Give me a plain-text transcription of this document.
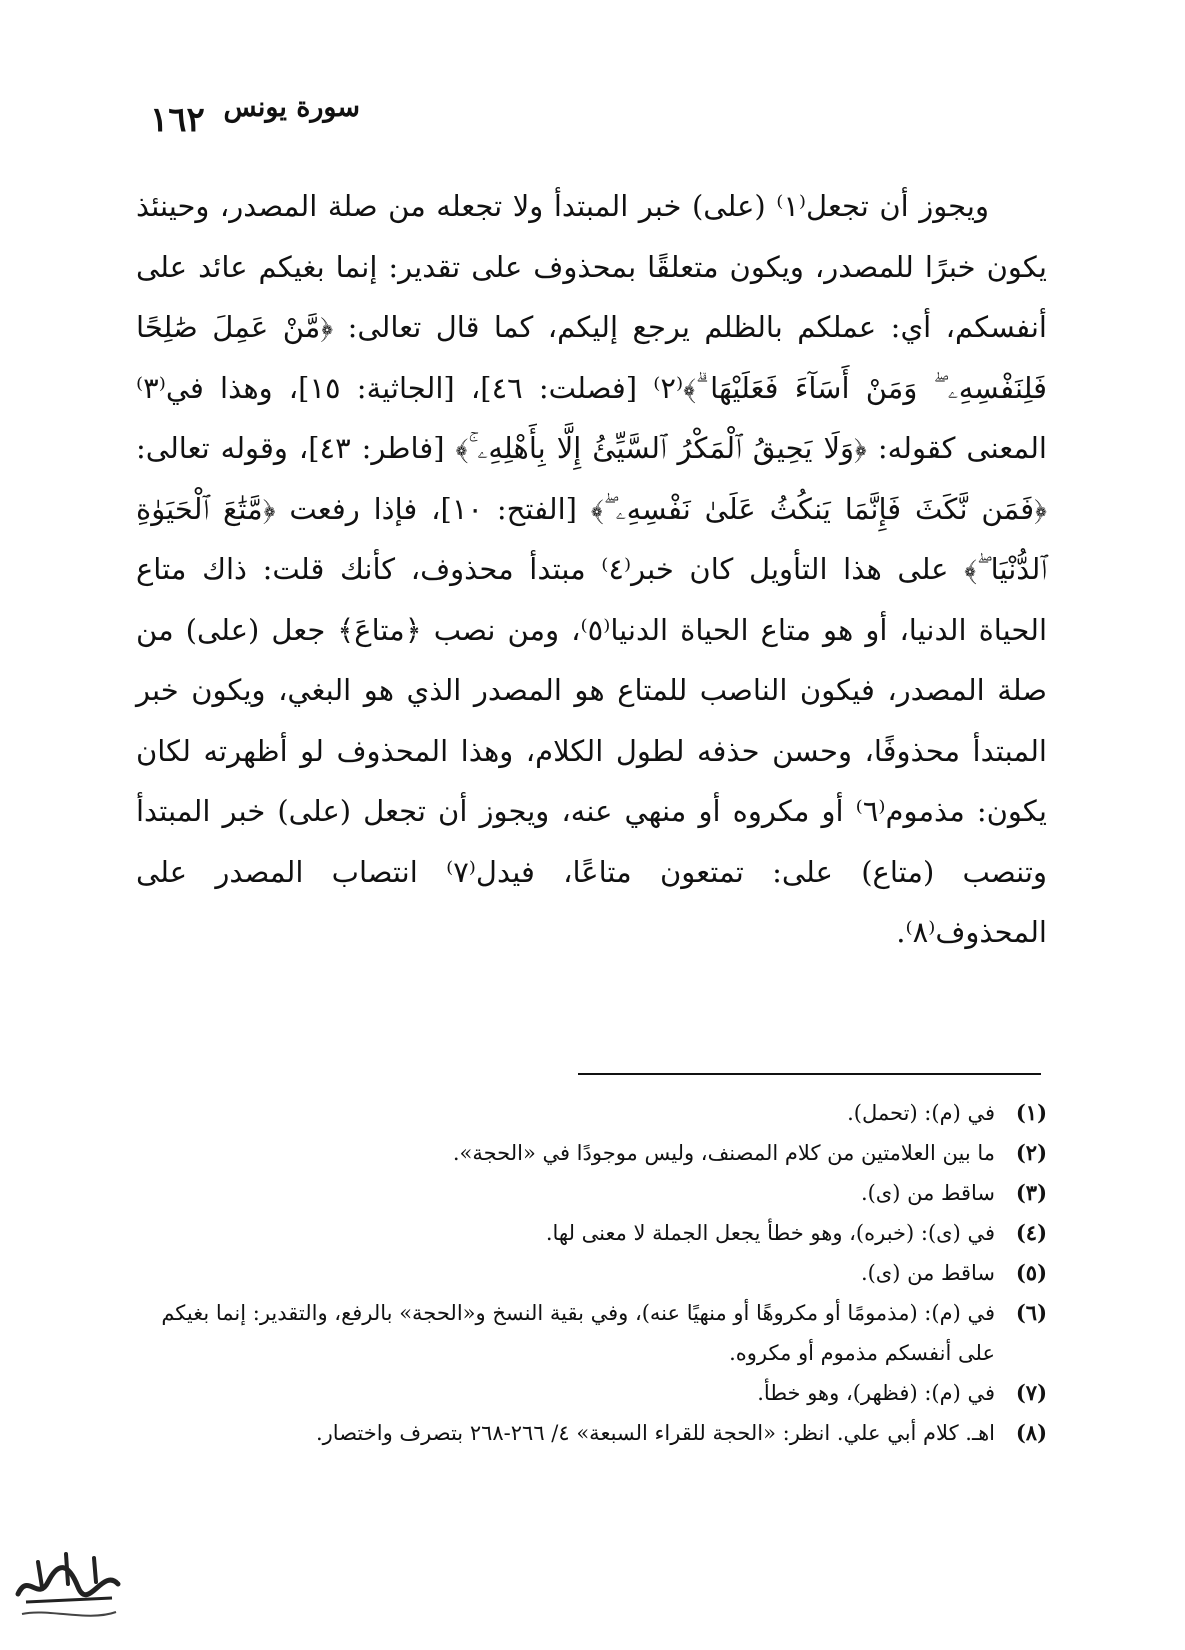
١٦٢ سورة يونس

ويجوز أن تجعل⁽١⁾ (على) خبر المبتدأ ولا تجعله من صلة المصدر، وحينئذ يكون خبرًا للمصدر، ويكون متعلقًا بمحذوف على تقدير: إنما بغيكم عائد على أنفسكم، أي: عملكم بالظلم يرجع إليكم، كما قال تعالى: ﴿مَّنْ عَمِلَ صَٰلِحًا فَلِنَفْسِهِۦ ۖ وَمَنْ أَسَآءَ فَعَلَيْهَا ۗ﴾⁽٢⁾ [فصلت: ٤٦]، [الجاثية: ١٥]، وهذا في⁽٣⁾ المعنى كقوله: ﴿وَلَا يَحِيقُ ٱلْمَكْرُ ٱلسَّيِّئُ إِلَّا بِأَهْلِهِۦ ۚ﴾ [فاطر: ٤٣]، وقوله تعالى: ﴿فَمَن نَّكَثَ فَإِنَّمَا يَنكُثُ عَلَىٰ نَفْسِهِۦ ۖ﴾ [الفتح: ١٠]، فإذا رفعت ﴿مَّتَٰعَ ٱلْحَيَوٰةِ ٱلدُّنْيَا ۖ﴾ على هذا التأويل كان خبر⁽٤⁾ مبتدأ محذوف، كأنك قلت: ذاك متاع الحياة الدنيا، أو هو متاع الحياة الدنيا⁽٥⁾، ومن نصب ﴿متاعَ﴾ جعل (على) من صلة المصدر، فيكون الناصب للمتاع هو المصدر الذي هو البغي، ويكون خبر المبتدأ محذوفًا، وحسن حذفه لطول الكلام، وهذا المحذوف لو أظهرته لكان يكون: مذموم⁽٦⁾ أو مكروه أو منهي عنه، ويجوز أن تجعل (على) خبر المبتدأ وتنصب (متاع) على: تمتعون متاعًا، فيدل⁽٧⁾ انتصاب المصدر على المحذوف⁽٨⁾.

(١)في (م): (تحمل).
(٢)ما بين العلامتين من كلام المصنف، وليس موجودًا في «الحجة».
(٣)ساقط من (ى).
(٤)في (ى): (خبره)، وهو خطأ يجعل الجملة لا معنى لها.
(٥)ساقط من (ى).
(٦)في (م): (مذمومًا أو مكروهًا أو منهيًا عنه)، وفي بقية النسخ و«الحجة» بالرفع، والتقدير: إنما بغيكم على أنفسكم مذموم أو مكروه.
(٧)في (م): (فظهر)، وهو خطأ.
(٨)اهـ. كلام أبي علي. انظر: «الحجة للقراء السبعة» ٤/ ٢٦٦-٢٦٨ بتصرف واختصار.
